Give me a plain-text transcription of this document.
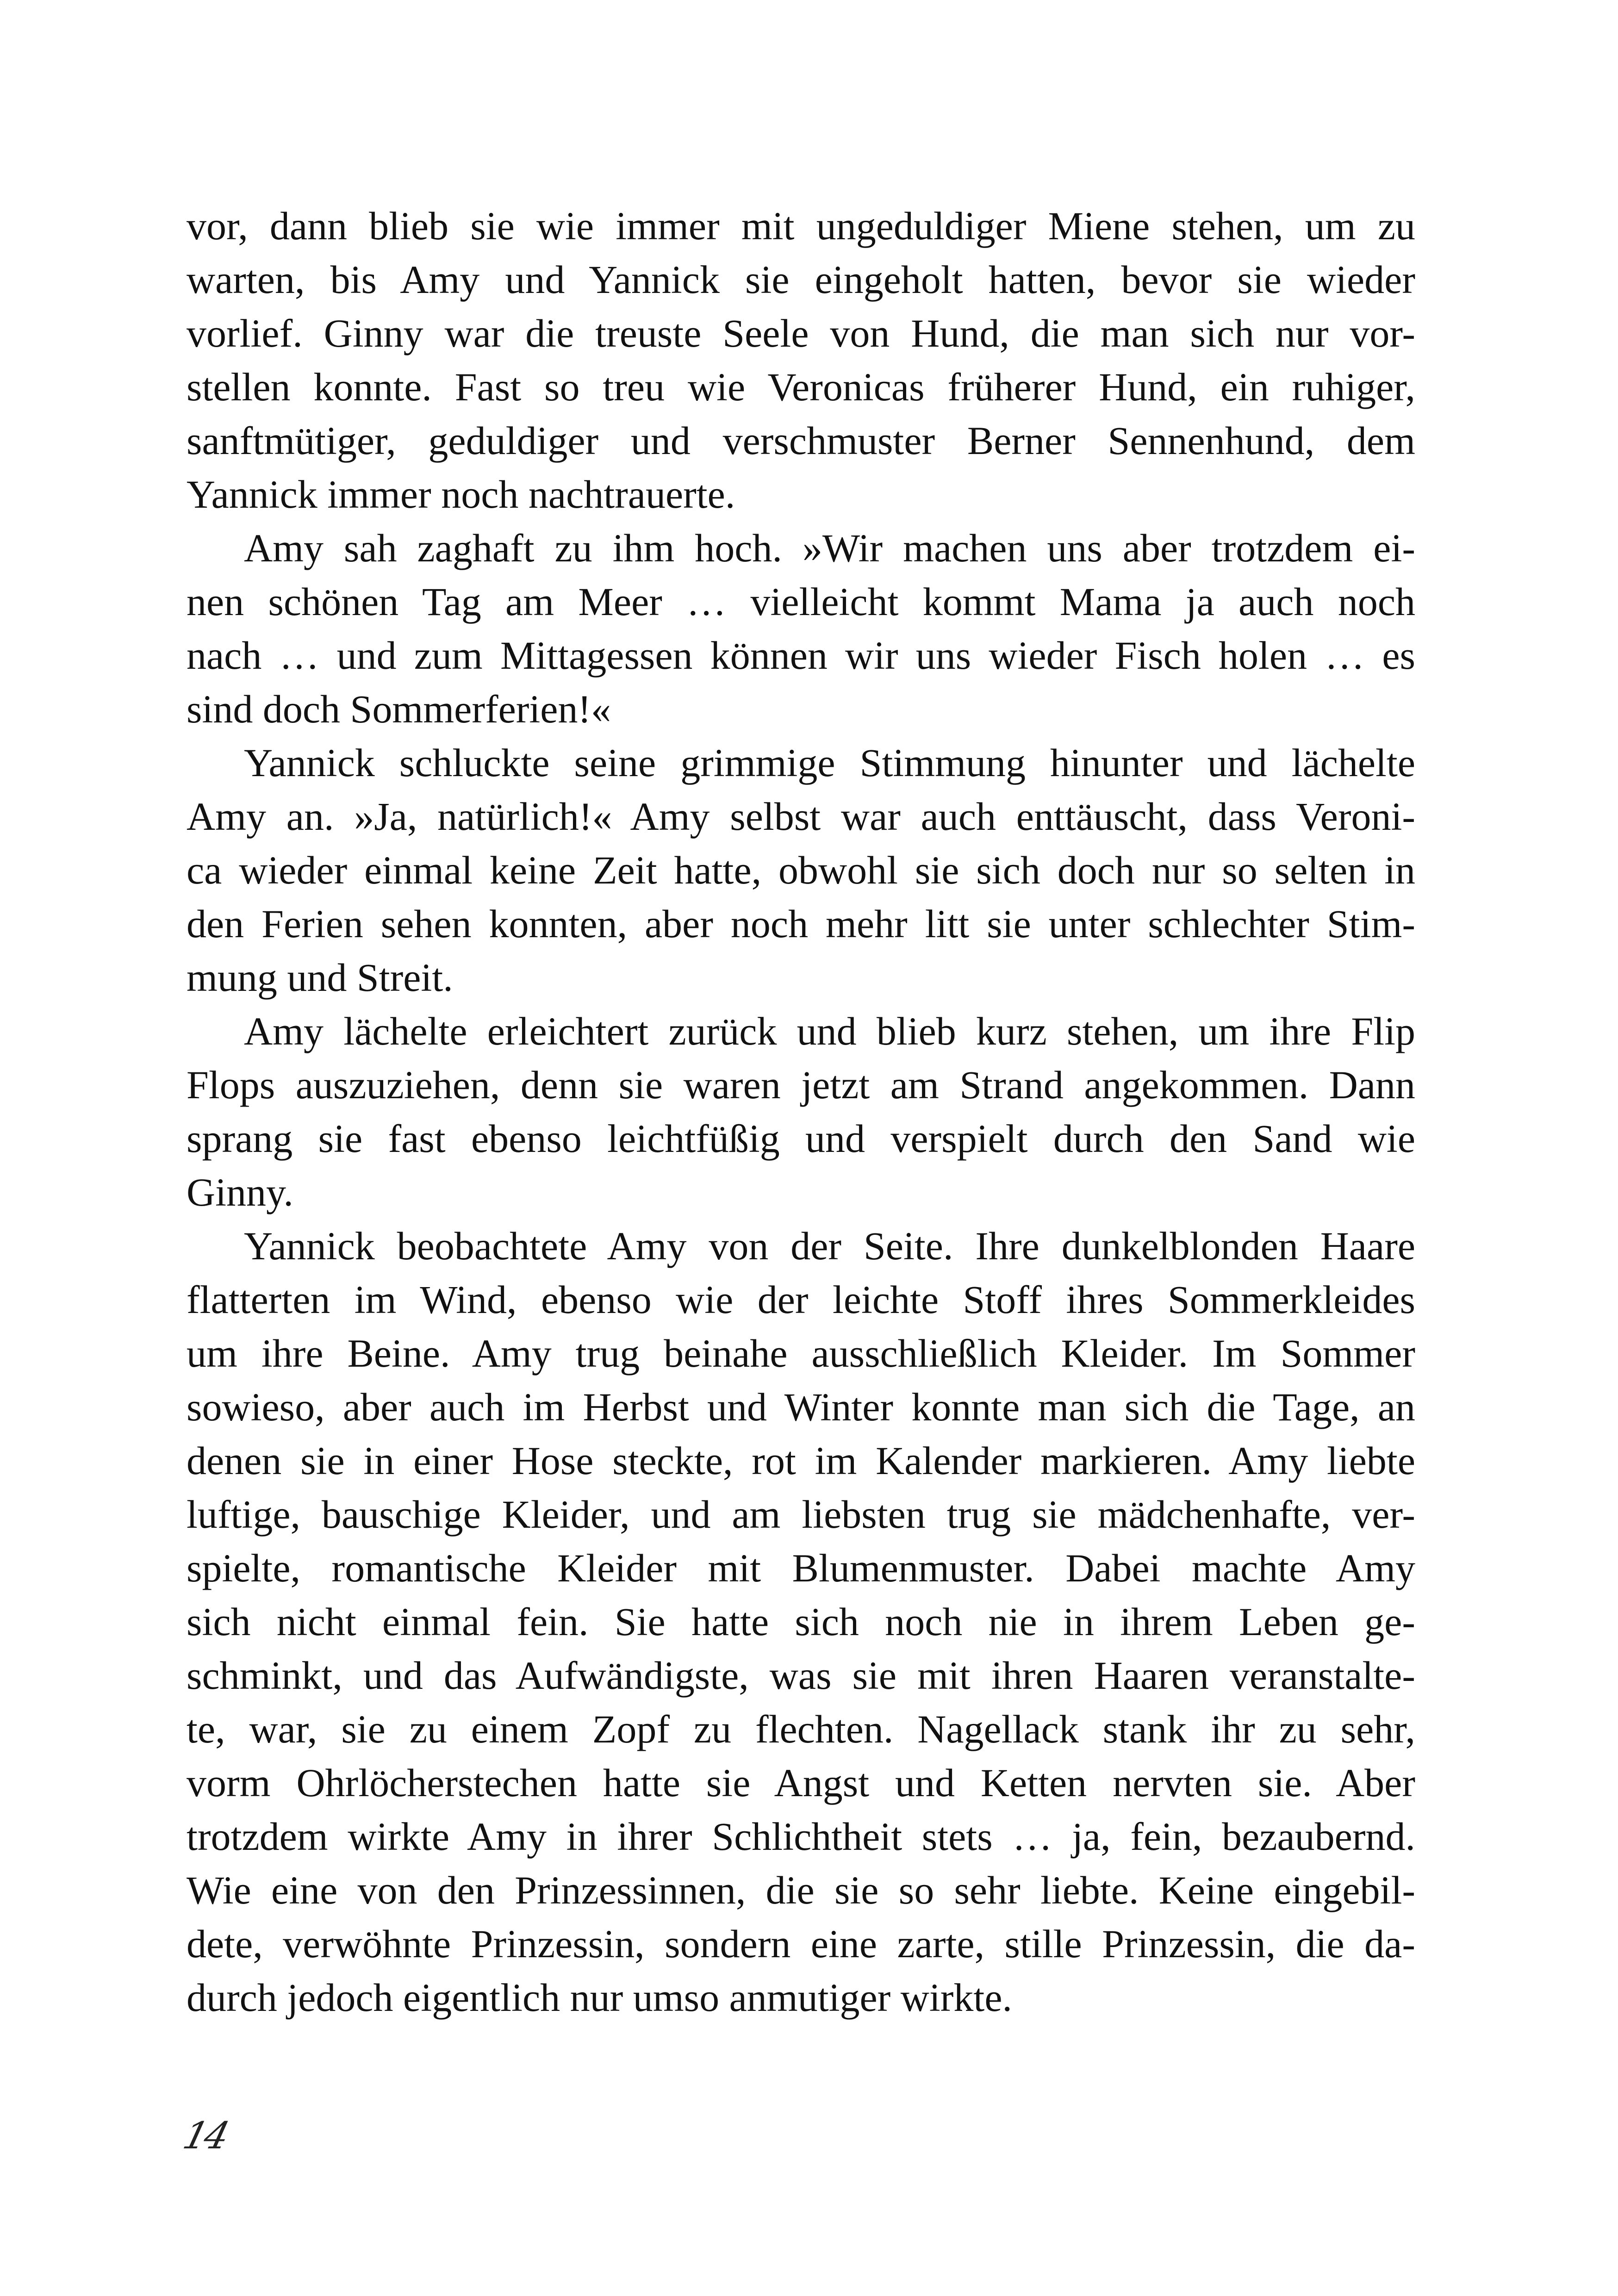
vor, dann blieb sie wie immer mit ungeduldiger Miene stehen, um zu
warten, bis Amy und Yannick sie eingeholt hatten, bevor sie wieder
vorlief. Ginny war die treuste Seele von Hund, die man sich nur vor-
stellen konnte. Fast so treu wie Veronicas früherer Hund, ein ruhiger,
sanftmütiger, geduldiger und verschmuster Berner Sennenhund, dem
Yannick immer noch nachtrauerte.
Amy sah zaghaft zu ihm hoch. »Wir machen uns aber trotzdem ei-
nen schönen Tag am Meer … vielleicht kommt Mama ja auch noch
nach … und zum Mittagessen können wir uns wieder Fisch holen … es
sind doch Sommerferien!«
Yannick schluckte seine grimmige Stimmung hinunter und lächelte
Amy an. »Ja, natürlich!« Amy selbst war auch enttäuscht, dass Veroni-
ca wieder einmal keine Zeit hatte, obwohl sie sich doch nur so selten in
den Ferien sehen konnten, aber noch mehr litt sie unter schlechter Stim-
mung und Streit.
Amy lächelte erleichtert zurück und blieb kurz stehen, um ihre Flip
Flops auszuziehen, denn sie waren jetzt am Strand angekommen. Dann
sprang sie fast ebenso leichtfüßig und verspielt durch den Sand wie
Ginny.
Yannick beobachtete Amy von der Seite. Ihre dunkelblonden Haare
flatterten im Wind, ebenso wie der leichte Stoff ihres Sommerkleides
um ihre Beine. Amy trug beinahe ausschließlich Kleider. Im Sommer
sowieso, aber auch im Herbst und Winter konnte man sich die Tage, an
denen sie in einer Hose steckte, rot im Kalender markieren. Amy liebte
luftige, bauschige Kleider, und am liebsten trug sie mädchenhafte, ver-
spielte, romantische Kleider mit Blumenmuster. Dabei machte Amy
sich nicht einmal fein. Sie hatte sich noch nie in ihrem Leben ge-
schminkt, und das Aufwändigste, was sie mit ihren Haaren veranstalte-
te, war, sie zu einem Zopf zu flechten. Nagellack stank ihr zu sehr,
vorm Ohrlöcherstechen hatte sie Angst und Ketten nervten sie. Aber
trotzdem wirkte Amy in ihrer Schlichtheit stets … ja, fein, bezaubernd.
Wie eine von den Prinzessinnen, die sie so sehr liebte. Keine eingebil-
dete, verwöhnte Prinzessin, sondern eine zarte, stille Prinzessin, die da-
durch jedoch eigentlich nur umso anmutiger wirkte.
14
